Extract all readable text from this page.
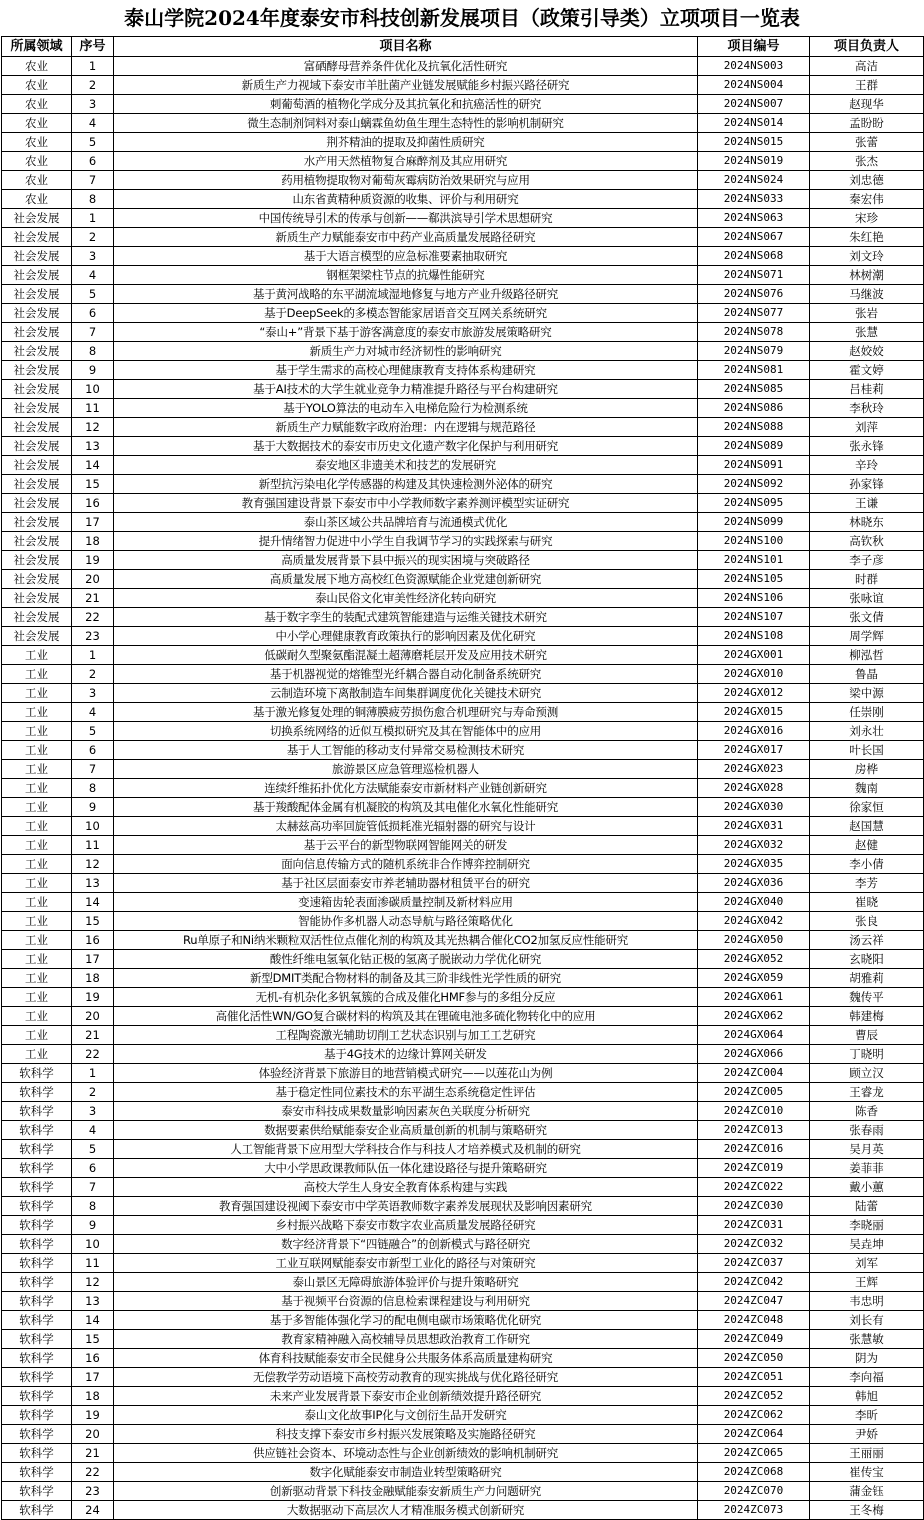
泰山学院2024年度泰安市科技创新发展项目（政策引导类）立项项目一览表
所属领域	序号	项目名称	项目编号	项目负责人
农业	1	富硒酵母营养条件优化及抗氧化活性研究	2024NS003	高洁
农业	2	新质生产力视域下泰安市羊肚菌产业链发展赋能乡村振兴路径研究	2024NS004	王群
农业	3	刺葡萄酒的植物化学成分及其抗氧化和抗癌活性的研究	2024NS007	赵现华
农业	4	微生态制剂饲料对泰山螭霖鱼幼鱼生理生态特性的影响机制研究	2024NS014	孟盼盼
农业	5	荆芥精油的提取及抑菌性质研究	2024NS015	张蕾
农业	6	水产用天然植物复合麻醉剂及其应用研究	2024NS019	张杰
农业	7	药用植物提取物对葡萄灰霉病防治效果研究与应用	2024NS024	刘忠德
农业	8	山东省黄精种质资源的收集、评价与利用研究	2024NS033	秦宏伟
社会发展	1	中国传统导引术的传承与创新——郗洪滨导引学术思想研究	2024NS063	宋珍
社会发展	2	新质生产力赋能泰安市中药产业高质量发展路径研究	2024NS067	朱红艳
社会发展	3	基于大语言模型的应急标准要素抽取研究	2024NS068	刘文玲
社会发展	4	钢框架梁柱节点的抗爆性能研究	2024NS071	林树潮
社会发展	5	基于黄河战略的东平湖流域湿地修复与地方产业升级路径研究	2024NS076	马继波
社会发展	6	基于DeepSeek的多模态智能家居语音交互网关系统研究	2024NS077	张岩
社会发展	7	“泰山+”背景下基于游客满意度的泰安市旅游发展策略研究	2024NS078	张慧
社会发展	8	新质生产力对城市经济韧性的影响研究	2024NS079	赵姣姣
社会发展	9	基于学生需求的高校心理健康教育支持体系构建研究	2024NS081	霍文婷
社会发展	10	基于AI技术的大学生就业竞争力精准提升路径与平台构建研究	2024NS085	吕桂莉
社会发展	11	基于YOLO算法的电动车入电梯危险行为检测系统	2024NS086	李秋玲
社会发展	12	新质生产力赋能数字政府治理：内在逻辑与规范路径	2024NS088	刘萍
社会发展	13	基于大数据技术的泰安市历史文化遗产数字化保护与利用研究	2024NS089	张永锋
社会发展	14	泰安地区非遗美术和技艺的发展研究	2024NS091	辛玲
社会发展	15	新型抗污染电化学传感器的构建及其快速检测外泌体的研究	2024NS092	孙家锋
社会发展	16	教育强国建设背景下泰安市中小学教师数字素养测评模型实证研究	2024NS095	王谦
社会发展	17	泰山茶区域公共品牌培育与流通模式优化	2024NS099	林晓东
社会发展	18	提升情绪智力促进中小学生自我调节学习的实践探索与研究	2024NS100	高钦秋
社会发展	19	高质量发展背景下县中振兴的现实困境与突破路径	2024NS101	李子彦
社会发展	20	高质量发展下地方高校红色资源赋能企业党建创新研究	2024NS105	时群
社会发展	21	泰山民俗文化审美性经济化转向研究	2024NS106	张咏谊
社会发展	22	基于数字孪生的装配式建筑智能建造与运维关键技术研究	2024NS107	张文倩
社会发展	23	中小学心理健康教育政策执行的影响因素及优化研究	2024NS108	周学辉
工业	1	低碳耐久型聚氨酯混凝土超薄磨耗层开发及应用技术研究	2024GX001	柳泓哲
工业	2	基于机器视觉的熔锥型光纤耦合器自动化制备系统研究	2024GX010	鲁晶
工业	3	云制造环境下离散制造车间集群调度优化关键技术研究	2024GX012	梁中源
工业	4	基于激光修复处理的铜薄膜疲劳损伤愈合机理研究与寿命预测	2024GX015	任崇刚
工业	5	切换系统网络的近似互模拟研究及其在智能体中的应用	2024GX016	刘永壮
工业	6	基于人工智能的移动支付异常交易检测技术研究	2024GX017	叶长国
工业	7	旅游景区应急管理巡检机器人	2024GX023	房桦
工业	8	连续纤维拓扑优化方法赋能泰安市新材料产业链创新研究	2024GX028	魏南
工业	9	基于羧酸配体金属有机凝胶的构筑及其电催化水氧化性能研究	2024GX030	徐家恒
工业	10	太赫兹高功率回旋管低损耗准光辐射器的研究与设计	2024GX031	赵国慧
工业	11	基于云平台的新型物联网智能网关的研发	2024GX032	赵健
工业	12	面向信息传输方式的随机系统非合作博弈控制研究	2024GX035	李小倩
工业	13	基于社区层面泰安市养老辅助器材租赁平台的研究	2024GX036	李芳
工业	14	变速箱齿轮表面渗碳质量控制及新材料应用	2024GX040	崔晓
工业	15	智能协作多机器人动态导航与路径策略优化	2024GX042	张良
工业	16	Ru单原子和Ni纳米颗粒双活性位点催化剂的构筑及其光热耦合催化CO2加氢反应性能研究	2024GX050	汤云祥
工业	17	酸性纤维电氢氧化钴正极的氢离子脱嵌动力学优化研究	2024GX052	玄晓阳
工业	18	新型DMIT类配合物材料的制备及其三阶非线性光学性质的研究	2024GX059	胡雅莉
工业	19	无机-有机杂化多钒氧簇的合成及催化HMF参与的多组分反应	2024GX061	魏传平
工业	20	高催化活性WN/GO复合碳材料的构筑及其在锂硫电池多硫化物转化中的应用	2024GX062	韩建梅
工业	21	工程陶瓷激光辅助切削工艺状态识别与加工工艺研究	2024GX064	曹辰
工业	22	基于4G技术的边缘计算网关研发	2024GX066	丁晓明
软科学	1	体验经济背景下旅游目的地营销模式研究——以莲花山为例	2024ZC004	顾立汉
软科学	2	基于稳定性同位素技术的东平湖生态系统稳定性评估	2024ZC005	王睿龙
软科学	3	泰安市科技成果数量影响因素灰色关联度分析研究	2024ZC010	陈香
软科学	4	数据要素供给赋能泰安企业高质量创新的机制与策略研究	2024ZC013	张春雨
软科学	5	人工智能背景下应用型大学科技合作与科技人才培养模式及机制的研究	2024ZC016	吴月英
软科学	6	大中小学思政课教师队伍一体化建设路径与提升策略研究	2024ZC019	姜菲菲
软科学	7	高校大学生人身安全教育体系构建与实践	2024ZC022	戴小蕙
软科学	8	教育强国建设视阈下泰安市中学英语教师数字素养发展现状及影响因素研究	2024ZC030	陆蕾
软科学	9	乡村振兴战略下泰安市数字农业高质量发展路径研究	2024ZC031	李晓丽
软科学	10	数字经济背景下“四链融合”的创新模式与路径研究	2024ZC032	吴垚坤
软科学	11	工业互联网赋能泰安市新型工业化的路径与对策研究	2024ZC037	刘军
软科学	12	泰山景区无障碍旅游体验评价与提升策略研究	2024ZC042	王辉
软科学	13	基于视频平台资源的信息检索课程建设与利用研究	2024ZC047	韦忠明
软科学	14	基于多智能体强化学习的配电侧电碳市场策略优化研究	2024ZC048	刘长有
软科学	15	教育家精神融入高校辅导员思想政治教育工作研究	2024ZC049	张慧敏
软科学	16	体育科技赋能泰安市全民健身公共服务体系高质量建构研究	2024ZC050	阴为
软科学	17	无偿教学劳动语境下高校劳动教育的现实挑战与优化路径研究	2024ZC051	李向福
软科学	18	未来产业发展背景下泰安市企业创新绩效提升路径研究	2024ZC052	韩旭
软科学	19	泰山文化故事IP化与文创衍生品开发研究	2024ZC062	李昕
软科学	20	科技支撑下泰安市乡村振兴发展策略及实施路径研究	2024ZC064	尹娇
软科学	21	供应链社会资本、环境动态性与企业创新绩效的影响机制研究	2024ZC065	王丽丽
软科学	22	数字化赋能泰安市制造业转型策略研究	2024ZC068	崔传宝
软科学	23	创新驱动背景下科技金融赋能泰安新质生产力问题研究	2024ZC070	蒲金钰
软科学	24	大数据驱动下高层次人才精准服务模式创新研究	2024ZC073	王冬梅
